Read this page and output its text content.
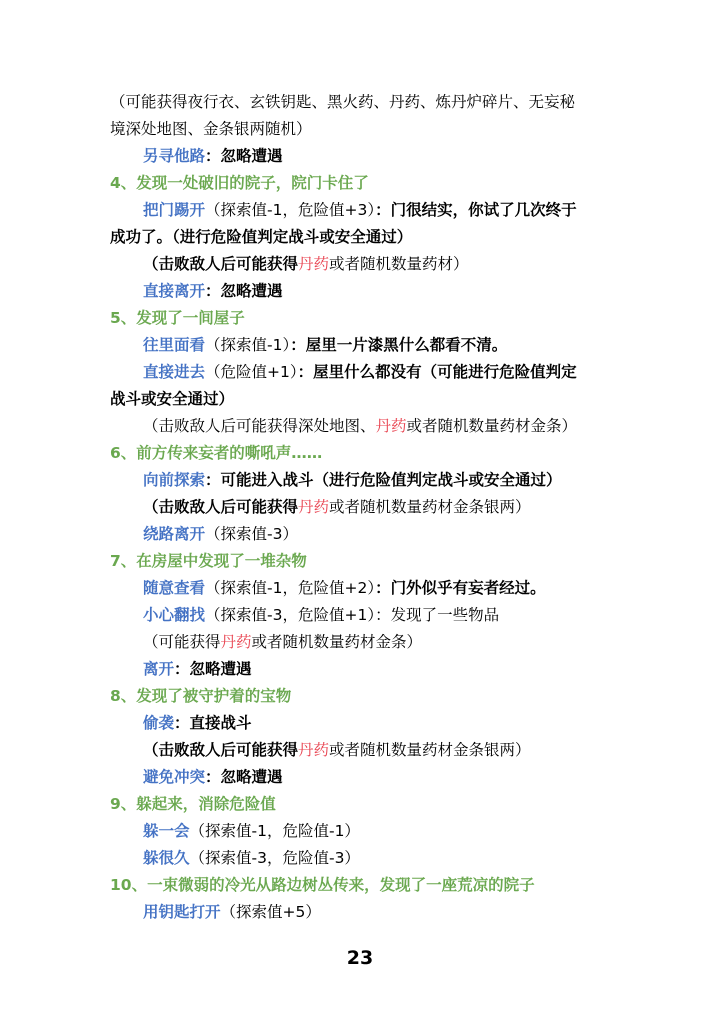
（可能获得夜行衣、玄铁钥匙、黑火药、丹药、炼丹炉碎片、无妄秘
境深处地图、金条银两随机）
另寻他路：忽略遭遇
4、发现一处破旧的院子，院门卡住了
把门踢开（探索值-1，危险值+3）：门很结实，你试了几次终于
成功了。（进行危险值判定战斗或安全通过）
（击败敌人后可能获得丹药或者随机数量药材）
直接离开：忽略遭遇
5、发现了一间屋子
往里面看（探索值-1）：屋里一片漆黑什么都看不清。
直接进去（危险值+1）：屋里什么都没有（可能进行危险值判定
战斗或安全通过）
（击败敌人后可能获得深处地图、丹药或者随机数量药材金条）
6、前方传来妄者的嘶吼声……
向前探索：可能进入战斗（进行危险值判定战斗或安全通过）
（击败敌人后可能获得丹药或者随机数量药材金条银两）
绕路离开（探索值-3）
7、在房屋中发现了一堆杂物
随意查看（探索值-1，危险值+2）：门外似乎有妄者经过。
小心翻找（探索值-3，危险值+1）：发现了一些物品
（可能获得丹药或者随机数量药材金条）
离开：忽略遭遇
8、发现了被守护着的宝物
偷袭：直接战斗
（击败敌人后可能获得丹药或者随机数量药材金条银两）
避免冲突：忽略遭遇
9、躲起来，消除危险值
躲一会（探索值-1，危险值-1）
躲很久（探索值-3，危险值-3）
10、一束微弱的冷光从路边树丛传来，发现了一座荒凉的院子
用钥匙打开（探索值+5）
23
